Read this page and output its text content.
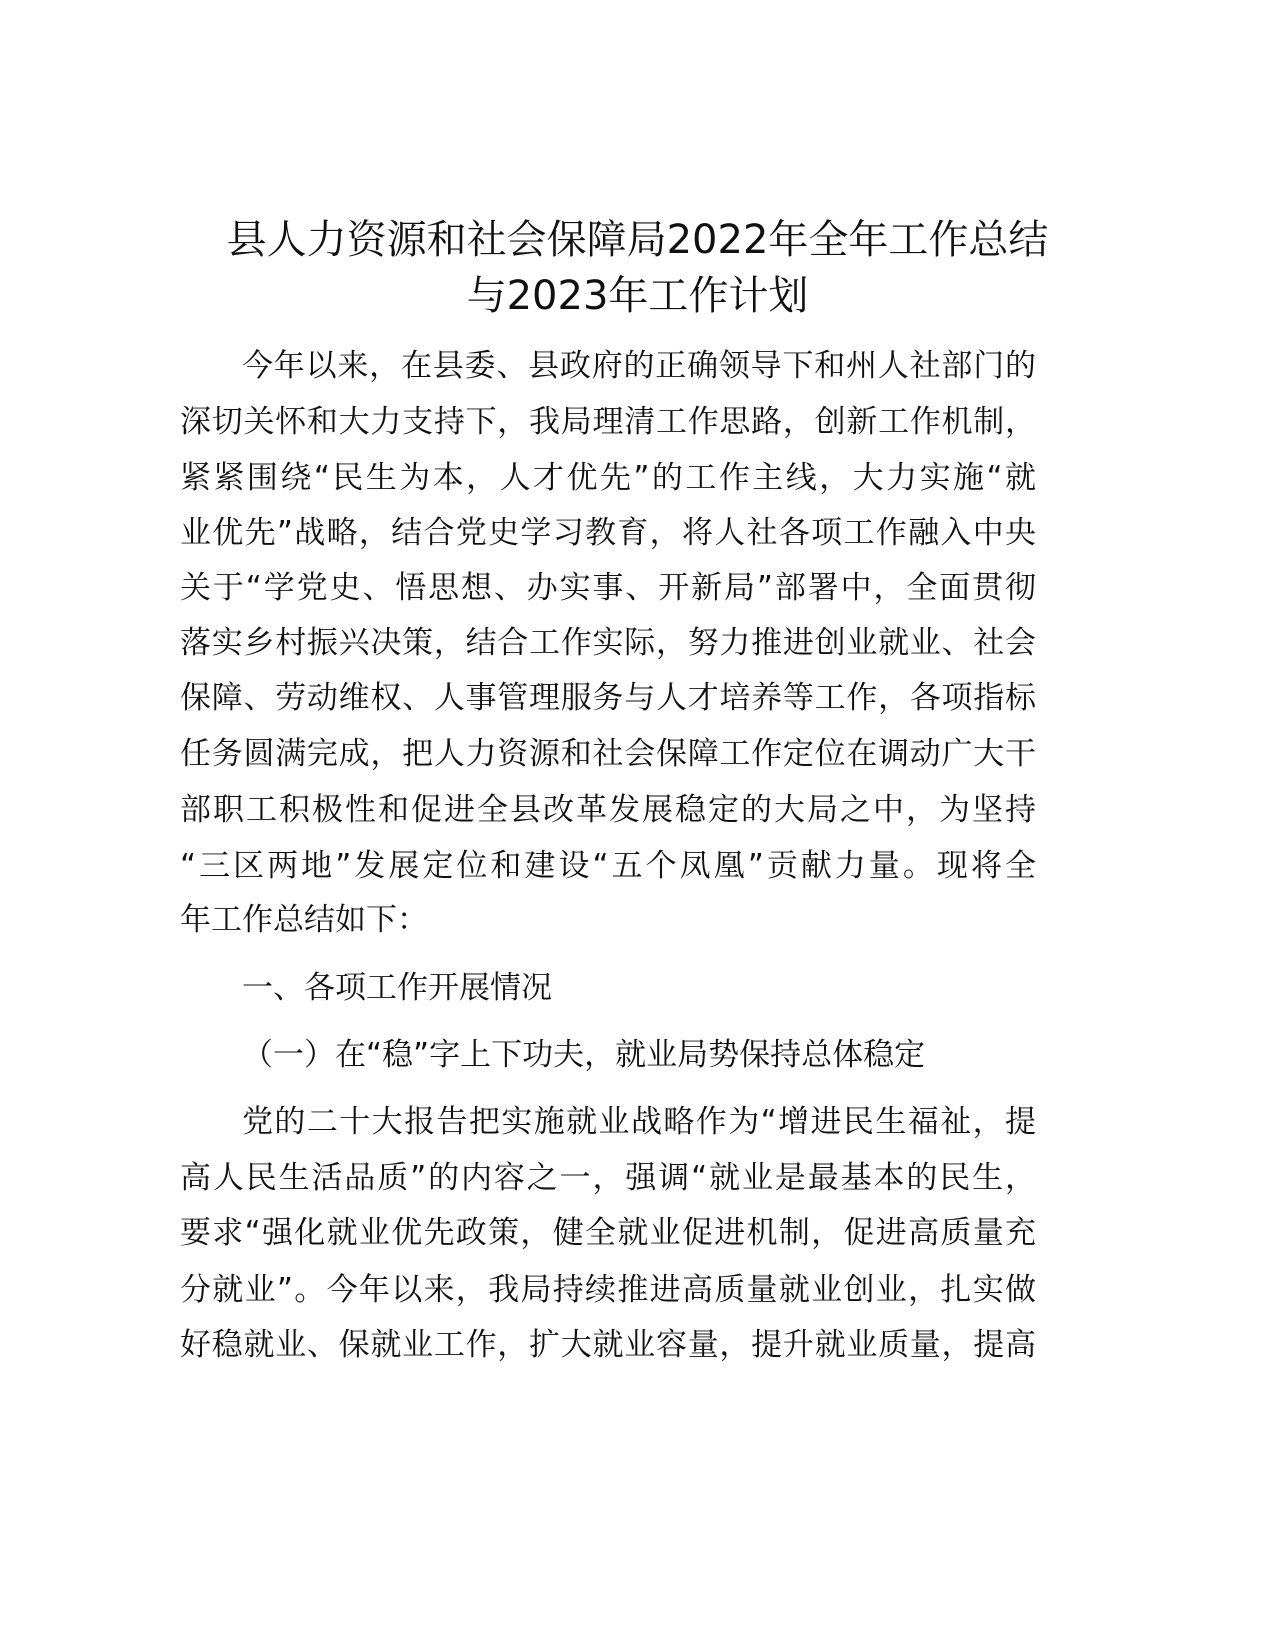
县人力资源和社会保障局2022年全年工作总结
与2023年工作计划
今年以来，在县委、县政府的正确领导下和州人社部门的
深切关怀和大力支持下，我局理清工作思路，创新工作机制，
紧紧围绕“民生为本，人才优先”的工作主线，大力实施“就
业优先”战略，结合党史学习教育，将人社各项工作融入中央
关于“学党史、悟思想、办实事、开新局”部署中，全面贯彻
落实乡村振兴决策，结合工作实际，努力推进创业就业、社会
保障、劳动维权、人事管理服务与人才培养等工作，各项指标
任务圆满完成，把人力资源和社会保障工作定位在调动广大干
部职工积极性和促进全县改革发展稳定的大局之中，为坚持
“三区两地”发展定位和建设“五个凤凰”贡献力量。现将全
年工作总结如下：
一、各项工作开展情况
（一）在“稳”字上下功夫，就业局势保持总体稳定
党的二十大报告把实施就业战略作为“增进民生福祉，提
高人民生活品质”的内容之一，强调“就业是最基本的民生，
要求“强化就业优先政策，健全就业促进机制，促进高质量充
分就业”。今年以来，我局持续推进高质量就业创业，扎实做
好稳就业、保就业工作，扩大就业容量，提升就业质量，提高
